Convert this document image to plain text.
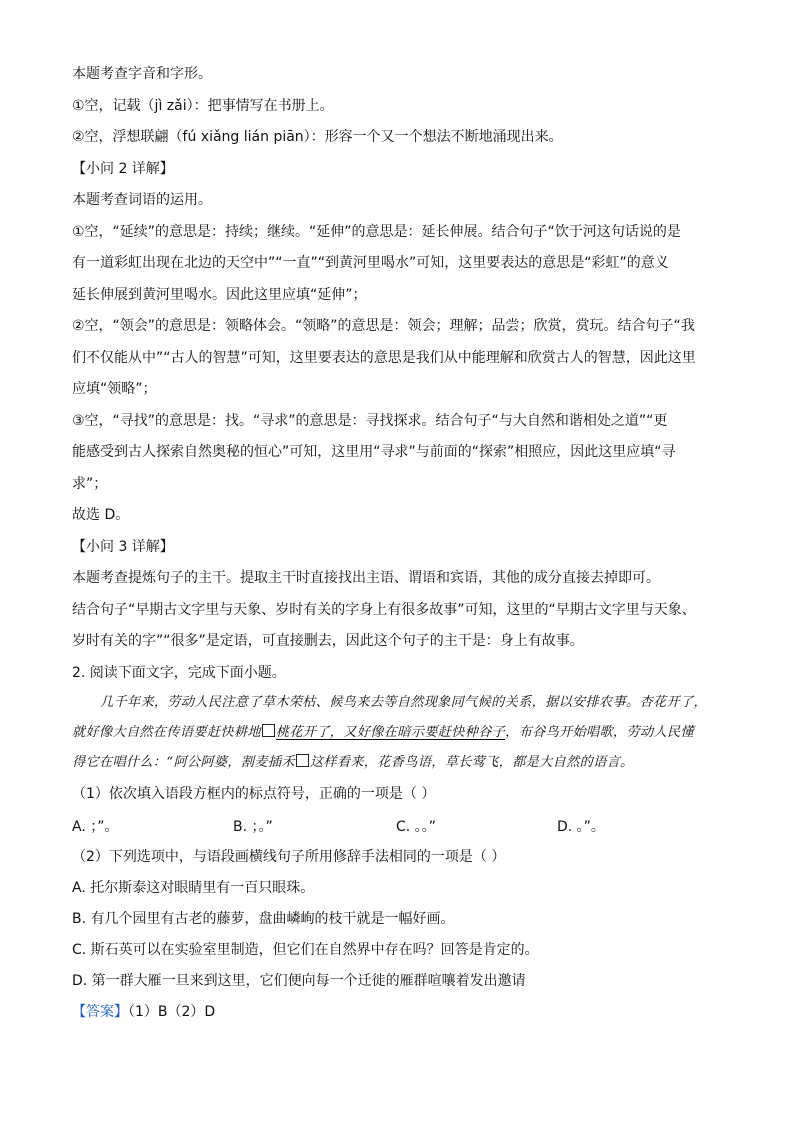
本题考查字音和字形。
①空，记载（jì zǎi）：把事情写在书册上。
②空，浮想联翩（fú xiǎng lián piān）：形容一个又一个想法不断地涌现出来。
【小问 2 详解】
本题考查词语的运用。
①空，“延续”的意思是：持续；继续。“延伸”的意思是：延长伸展。结合句子“饮于河这句话说的是
有一道彩虹出现在北边的天空中”“一直”“到黄河里喝水”可知，这里要表达的意思是“彩虹”的意义
延长伸展到黄河里喝水。因此这里应填“延伸”；
②空，“领会”的意思是：领略体会。“领略”的意思是：领会；理解；品尝；欣赏，赏玩。结合句子“我
们不仅能从中”“古人的智慧”可知，这里要表达的意思是我们从中能理解和欣赏古人的智慧，因此这里
应填“领略”；
③空，“寻找”的意思是：找。“寻求”的意思是：寻找探求。结合句子“与大自然和谐相处之道”“更
能感受到古人探索自然奥秘的恒心”可知，这里用“寻求”与前面的“探索”相照应，因此这里应填“寻
求”；
故选 D。
【小问 3 详解】
本题考查提炼句子的主干。提取主干时直接找出主语、谓语和宾语，其他的成分直接去掉即可。
结合句子“早期古文字里与天象、岁时有关的字身上有很多故事”可知，这里的“早期古文字里与天象、
岁时有关的字”“很多”是定语，可直接删去，因此这个句子的主干是：身上有故事。
2. 阅读下面文字，完成下面小题。
几千年来，劳动人民注意了草木荣枯、候鸟来去等自然现象同气候的关系，据以安排农事。杏花开了，
就好像大自然在传语要赶快耕地 桃花开了，又好像在暗示要赶快种谷子，布谷鸟开始唱歌，劳动人民懂
得它在唱什么：“阿公阿婆，割麦插禾 这样看来，花香鸟语，草长莺飞，都是大自然的语言。
（1）依次填入语段方框内的标点符号，正确的一项是（ ）
A. ；”。	B. ；。”	C. 。。”	D. 。”。
（2）下列选项中，与语段画横线句子所用修辞手法相同的一项是（ ）
A. 托尔斯泰这对眼睛里有一百只眼珠。
B. 有几个园里有古老的藤萝，盘曲嶙峋的枝干就是一幅好画。
C. 斯石英可以在实验室里制造，但它们在自然界中存在吗？回答是肯定的。
D. 第一群大雁一旦来到这里，它们便向每一个迁徙的雁群喧嚷着发出邀请
【答案】（1）B（2）D
